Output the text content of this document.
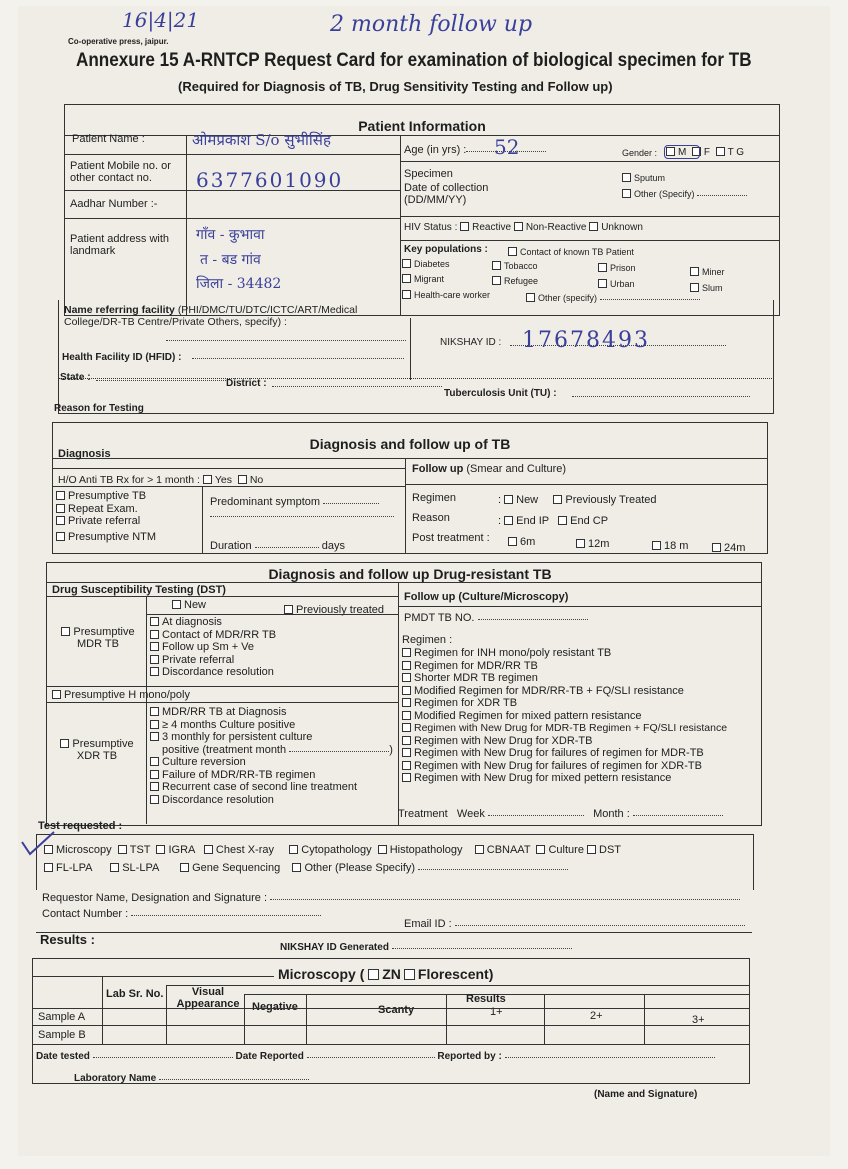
16|4|21	2 month follow up
Co-operative press, jaipur.
Annexure 15 A-RNTCP Request Card for examination of biological specimen for TB
(Required for Diagnosis of TB, Drug Sensitivity Testing and Follow up)
Patient Information
Patient Name :	ओमप्रकाश S/o सुभीसिंह
Patient Mobile no. or other contact no.	6377601090
Aadhar Number :-
Patient address with landmark
गाँव - कुभावा
त - बड गांव
जिला - 34482
Age (in yrs) : 52	Gender :	M F T G
Specimen
Date of collection (DD/MM/YY)
Sputum
Other (Specify)
HIV Status : Reactive Non-Reactive Unknown
Key populations :	Contact of known TB Patient
Diabetes	Tobacco	Prison	Miner
Migrant	Refugee	Urban	Slum
Health-care worker	Other (specify)
Name referring facility (PHI/DMC/TU/DTC/ICTC/ART/Medical College/DR-TB Centre/Private Others, specify) :
Health Facility ID (HFID) :
NIKSHAY ID : 17678493
State :
District :
Tuberculosis Unit (TU) :
Reason for Testing
Diagnosis and follow up of TB
Diagnosis
H/O Anti TB Rx for > 1 month : Yes No
Presumptive TB
Repeat Exam.
Private referral
Presumptive NTM
Predominant symptom
Duration	days
Follow up (Smear and Culture)
Regimen	: New Previously Treated
Reason	: End IP End CP
Post treatment :	6m	12m	18 m	24m
Diagnosis and follow up Drug-resistant TB
Drug Susceptibility Testing (DST)
Follow up (Culture/Microscopy)
New	Previously treated
Presumptive MDR TB
At diagnosis
Contact of MDR/RR TB
Follow up Sm + Ve
Private referral
Discordance resolution
Presumptive H mono/poly
Presumptive XDR TB
MDR/RR TB at Diagnosis
≥ 4 months Culture positive
3 monthly for persistent culture
positive (treatment month	)
Culture reversion
Failure of MDR/RR-TB regimen
Recurrent case of second line treatment
Discordance resolution
PMDT TB NO.
Regimen :
Regimen for INH mono/poly resistant TB
Regimen for MDR/RR TB
Shorter MDR TB regimen
Modified Regimen for MDR/RR-TB + FQ/SLI resistance
Regimen for XDR TB
Modified Regimen for mixed pattern resistance
Regimen with New Drug for MDR-TB Regimen + FQ/SLI resistance
Regimen with New Drug for XDR-TB
Regimen with New Drug for failures of regimen for MDR-TB
Regimen with New Drug for failures of regimen for XDR-TB
Regimen with New Drug for mixed pettern resistance
Treatment Week	Month :
Test requested :
Microscopy TST IGRA Chest X-ray Cytopathology Histopathology CBNAAT Culture DST
FL-LPA	SL-LPA	Gene Sequencing Other (Please Specify)
Requestor Name, Designation and Signature :
Contact Number :
Email ID :
Results :
NIKSHAY ID Generated
Microscopy ( ZN Florescent)
Lab Sr. No.	Visual Appearance	Results
Negative	Scanty	1+	2+	3+
Sample A
Sample B
Date tested	Date Reported	Reported by :
Laboratory Name
(Name and Signature)
